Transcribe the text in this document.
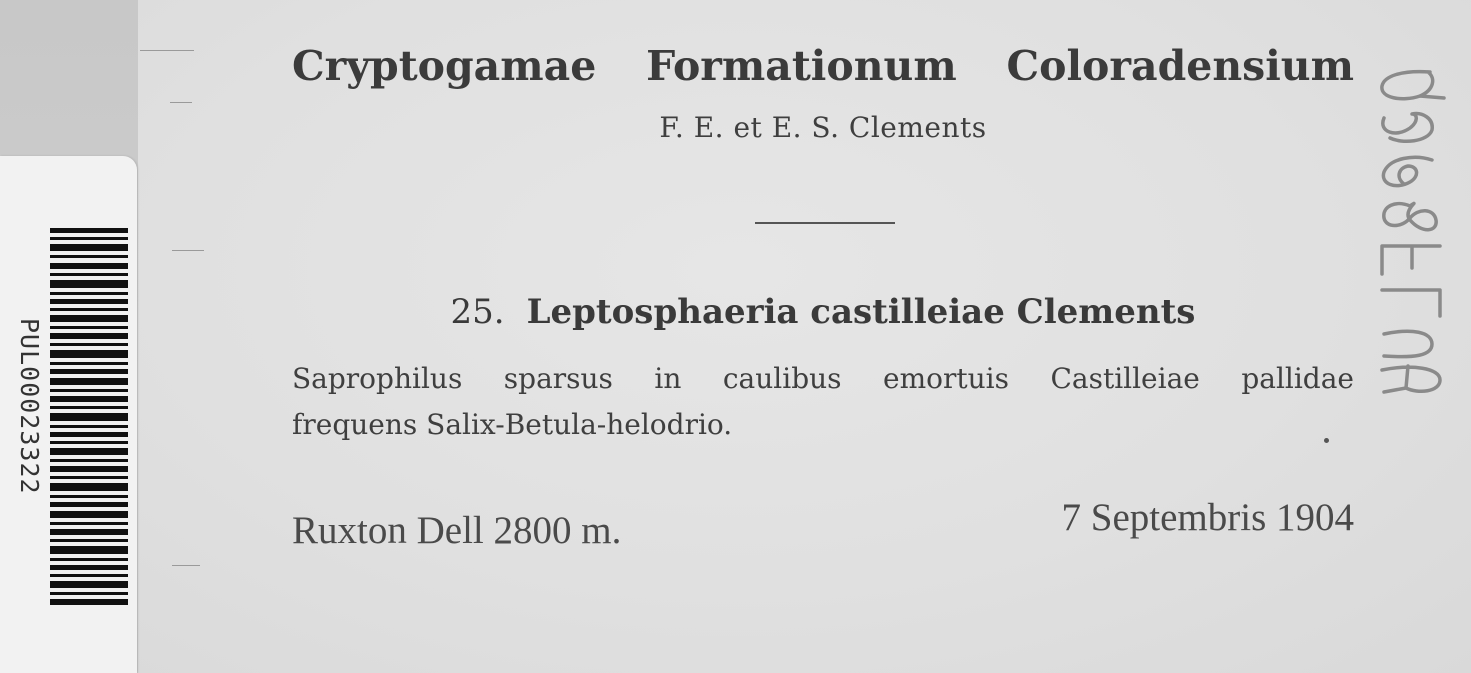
PUL00023322
Cryptogamae Formationum Coloradensium
F. E. et E. S. Clements
25. Leptosphaeria castilleiae Clements
Saprophilus sparsus in caulibus emortuis Castilleiae pallidae
frequens Salix-Betula-helodrio.
Ruxton Dell 2800 m.	7 Septembris 1904
